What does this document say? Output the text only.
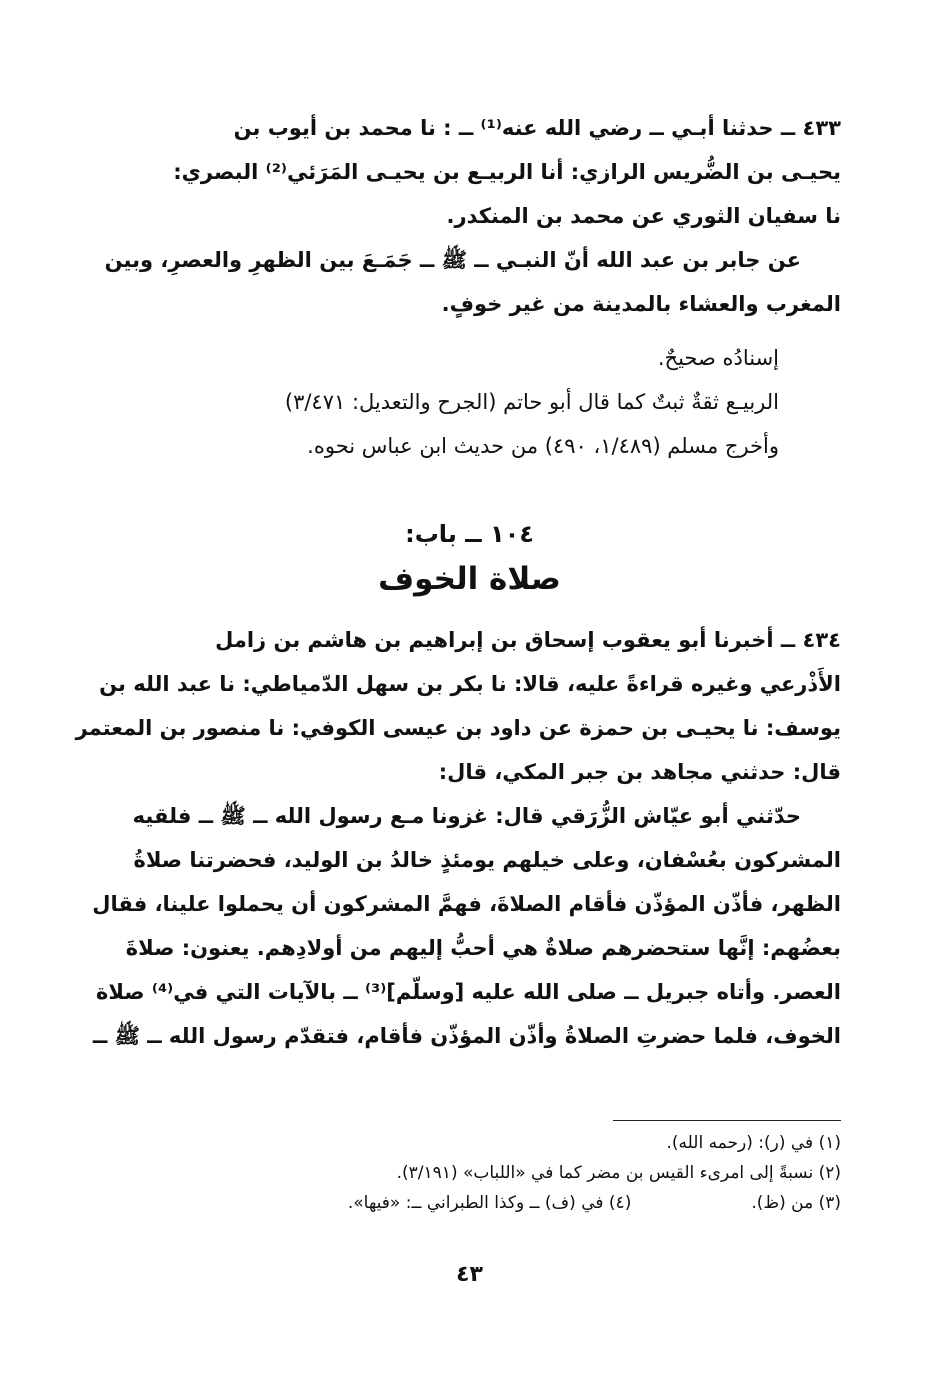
٤٣٣ ــ حدثنا أبـي ــ رضي الله عنه⁽¹⁾ ــ : نا محمد بن أيوب بن
يحيـى بن الضُّريس الرازي: أنا الربيـع بن يحيـى المَرَئي⁽²⁾ البصري:
نا سفيان الثوري عن محمد بن المنكدر.
عن جابر بن عبد الله أنّ النبـي ــ ﷺ ــ جَمَـعَ بين الظهرِ والعصرِ، وبين
المغرب والعشاء بالمدينة من غير خوفٍ.
إسنادُه صحيحٌ.
الربيـع ثقةٌ ثبتٌ كما قال أبو حاتم (الجرح والتعديل: ٣/٤٧١)
وأخرج مسلم (١/٤٨٩، ٤٩٠) من حديث ابن عباس نحوه.
١٠٤ ــ باب:
صلاة الخوف
٤٣٤ ــ أخبرنا أبو يعقوب إسحاق بن إبراهيم بن هاشم بن زامل
الأَذْرعي وغيره قراءةً عليه، قالا: نا بكر بن سهل الدّمياطي: نا عبد الله بن
يوسف: نا يحيـى بن حمزة عن داود بن عيسى الكوفي: نا منصور بن المعتمر
قال: حدثني مجاهد بن جبر المكي، قال:
حدّثني أبو عيّاش الزُّرَقي قال: غزونا مـع رسول الله ــ ﷺ ــ فلقيه
المشركون بعُسْفان، وعلى خيلهم يومئذٍ خالدُ بن الوليد، فحضرتنا صلاةُ
الظهر، فأذّن المؤذّن فأقام الصلاةَ، فهمَّ المشركون أن يحملوا علينا، فقال
بعضُهم: إنَّها ستحضرهم صلاةٌ هي أحبُّ إليهم من أولادِهم. يعنون: صلاةَ
العصر. وأتاه جبريل ــ صلى الله عليه [وسلّم]⁽³⁾ ــ بالآيات التي في⁽⁴⁾ صلاة
الخوف، فلما حضرتِ الصلاةُ وأذّن المؤذّن فأقام، فتقدّم رسول الله ــ ﷺ ــ
(١) في (ر): (رحمه الله).
(٢) نسبةً إلى امرىء القيس بن مضر كما في «اللباب» (٣/١٩١).
(٣) من (ظ).
(٤) في (ف) ــ وكذا الطبراني ــ: «فيها».
٤٣
